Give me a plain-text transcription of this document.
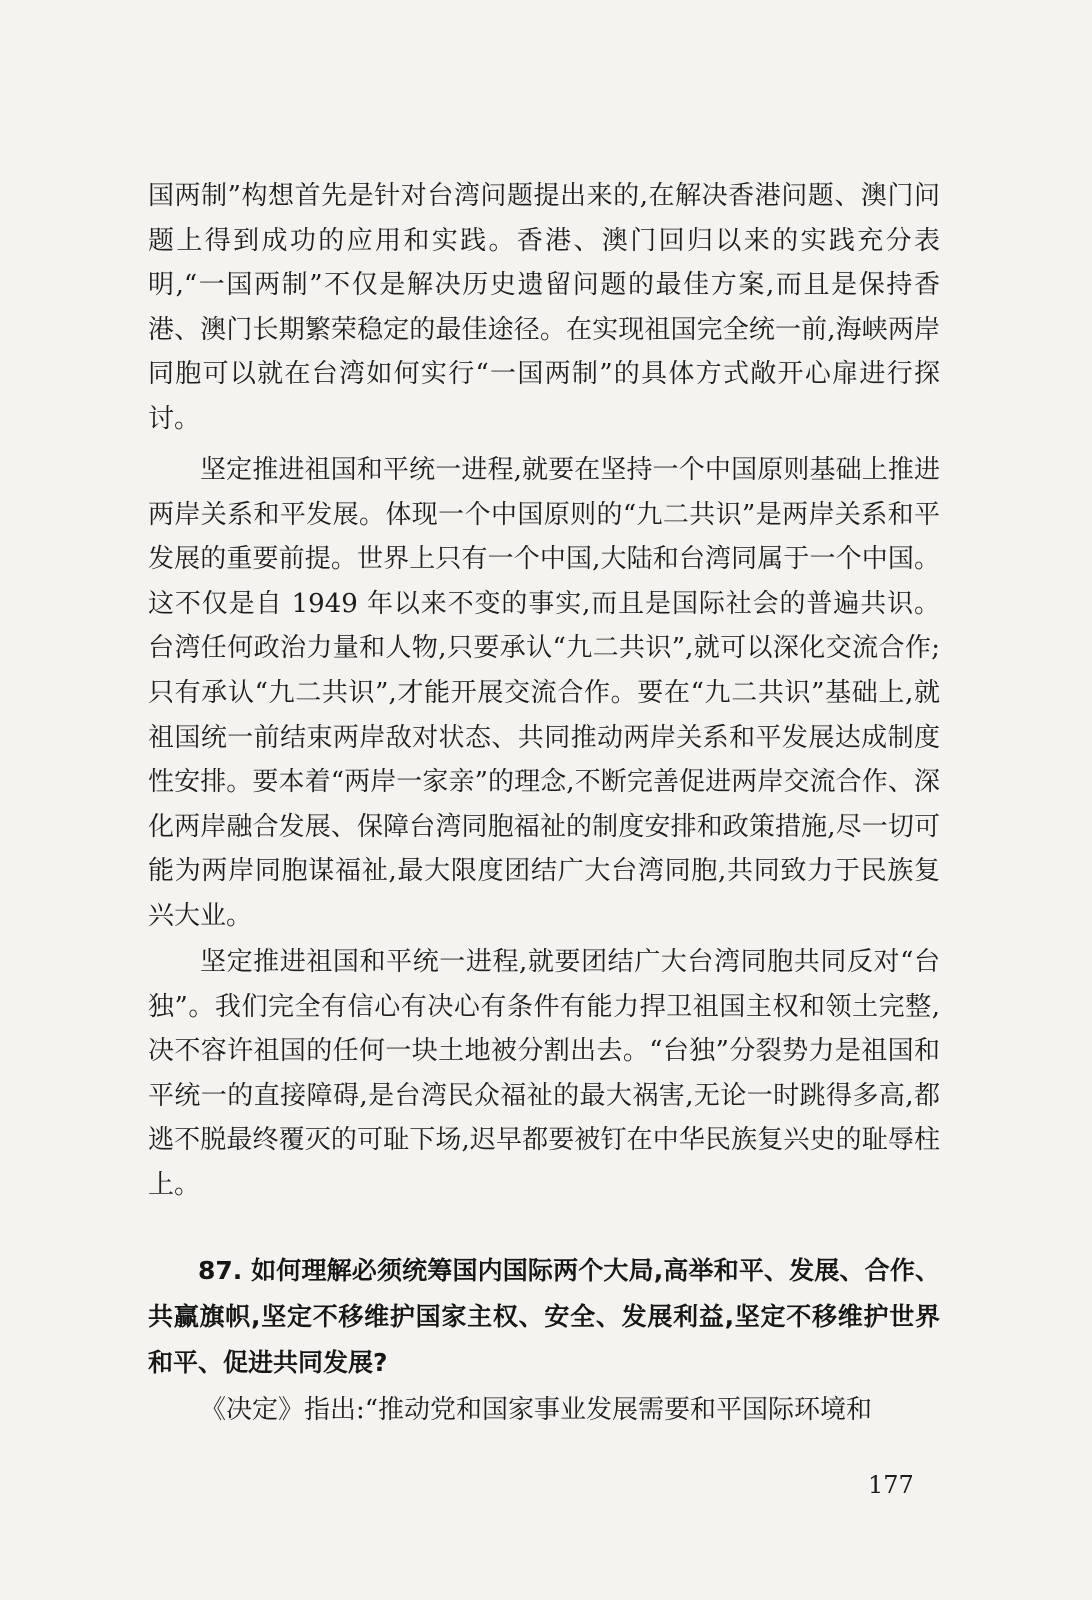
国两制”构想首先是针对台湾问题提出来的,在解决香港问题、澳门问题上得到成功的应用和实践。香港、澳门回归以来的实践充分表明,“一国两制”不仅是解决历史遗留问题的最佳方案,而且是保持香港、澳门长期繁荣稳定的最佳途径。在实现祖国完全统一前,海峡两岸同胞可以就在台湾如何实行“一国两制”的具体方式敞开心扉进行探讨。

坚定推进祖国和平统一进程,就要在坚持一个中国原则基础上推进两岸关系和平发展。体现一个中国原则的“九二共识”是两岸关系和平发展的重要前提。世界上只有一个中国,大陆和台湾同属于一个中国。这不仅是自 1949 年以来不变的事实,而且是国际社会的普遍共识。台湾任何政治力量和人物,只要承认“九二共识”,就可以深化交流合作;只有承认“九二共识”,才能开展交流合作。要在“九二共识”基础上,就祖国统一前结束两岸敌对状态、共同推动两岸关系和平发展达成制度性安排。要本着“两岸一家亲”的理念,不断完善促进两岸交流合作、深化两岸融合发展、保障台湾同胞福祉的制度安排和政策措施,尽一切可能为两岸同胞谋福祉,最大限度团结广大台湾同胞,共同致力于民族复兴大业。

坚定推进祖国和平统一进程,就要团结广大台湾同胞共同反对“台独”。我们完全有信心有决心有条件有能力捍卫祖国主权和领土完整,决不容许祖国的任何一块土地被分割出去。“台独”分裂势力是祖国和平统一的直接障碍,是台湾民众福祉的最大祸害,无论一时跳得多高,都逃不脱最终覆灭的可耻下场,迟早都要被钉在中华民族复兴史的耻辱柱上。

87. 如何理解必须统筹国内国际两个大局,高举和平、发展、合作、共赢旗帜,坚定不移维护国家主权、安全、发展利益,坚定不移维护世界和平、促进共同发展?

《决定》指出:“推动党和国家事业发展需要和平国际环境和

177
